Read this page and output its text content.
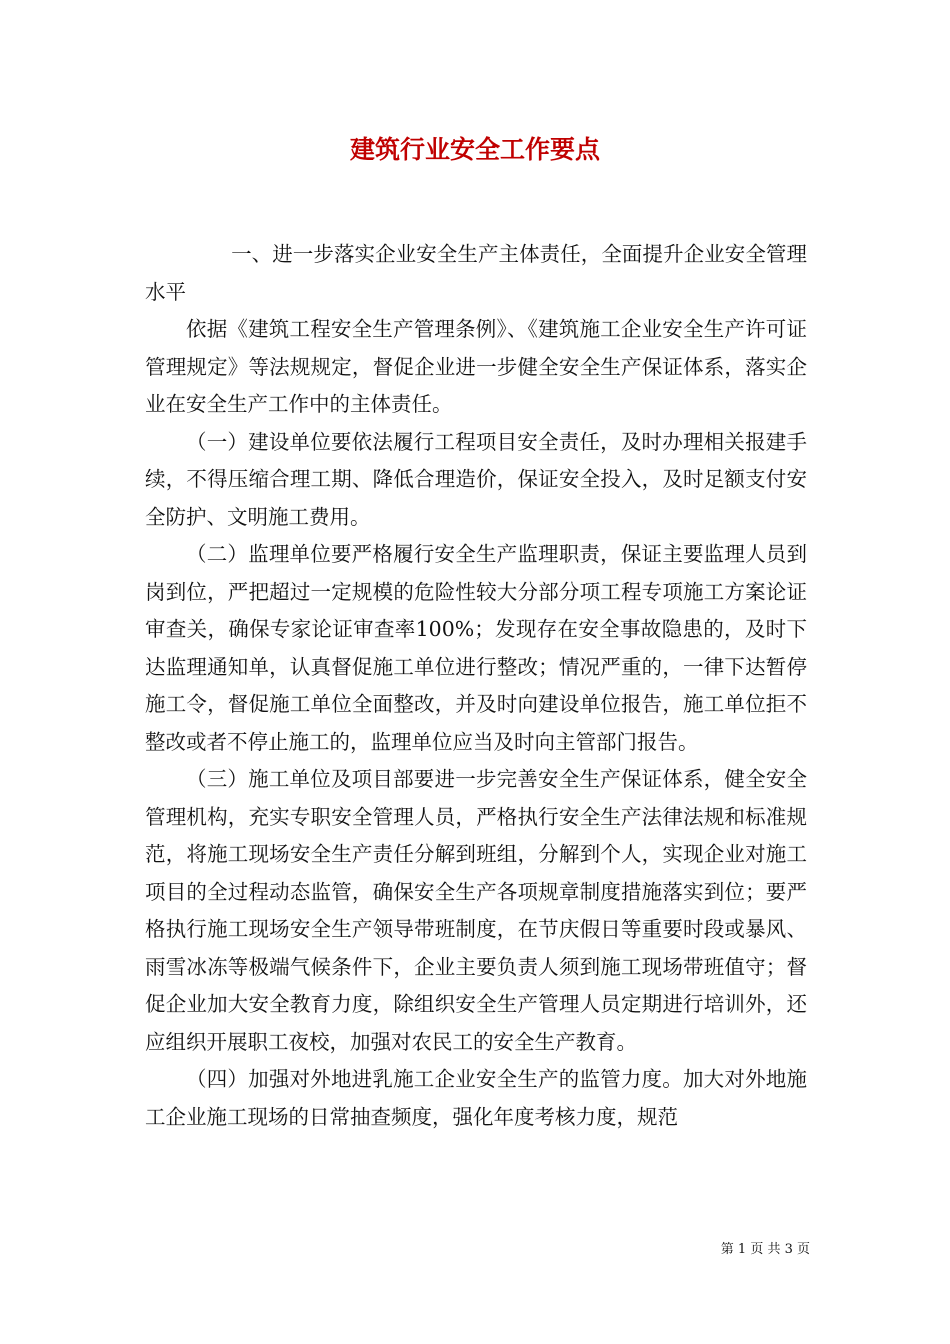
建筑行业安全工作要点

一、进一步落实企业安全生产主体责任，全面提升企业安全管理水平

依据《建筑工程安全生产管理条例》、《建筑施工企业安全生产许可证管理规定》等法规规定，督促企业进一步健全安全生产保证体系，落实企业在安全生产工作中的主体责任。

（一）建设单位要依法履行工程项目安全责任，及时办理相关报建手续，不得压缩合理工期、降低合理造价，保证安全投入，及时足额支付安全防护、文明施工费用。

（二）监理单位要严格履行安全生产监理职责，保证主要监理人员到岗到位，严把超过一定规模的危险性较大分部分项工程专项施工方案论证审查关，确保专家论证审查率100%；发现存在安全事故隐患的，及时下达监理通知单，认真督促施工单位进行整改；情况严重的，一律下达暂停施工令，督促施工单位全面整改，并及时向建设单位报告，施工单位拒不整改或者不停止施工的，监理单位应当及时向主管部门报告。

（三）施工单位及项目部要进一步完善安全生产保证体系，健全安全管理机构，充实专职安全管理人员，严格执行安全生产法律法规和标准规范，将施工现场安全生产责任分解到班组，分解到个人，实现企业对施工项目的全过程动态监管，确保安全生产各项规章制度措施落实到位；要严格执行施工现场安全生产领导带班制度，在节庆假日等重要时段或暴风、雨雪冰冻等极端气候条件下，企业主要负责人须到施工现场带班值守；督促企业加大安全教育力度，除组织安全生产管理人员定期进行培训外，还应组织开展职工夜校，加强对农民工的安全生产教育。

（四）加强对外地进乳施工企业安全生产的监管力度。加大对外地施工企业施工现场的日常抽查频度，强化年度考核力度，规范

第 1 页 共 3 页
